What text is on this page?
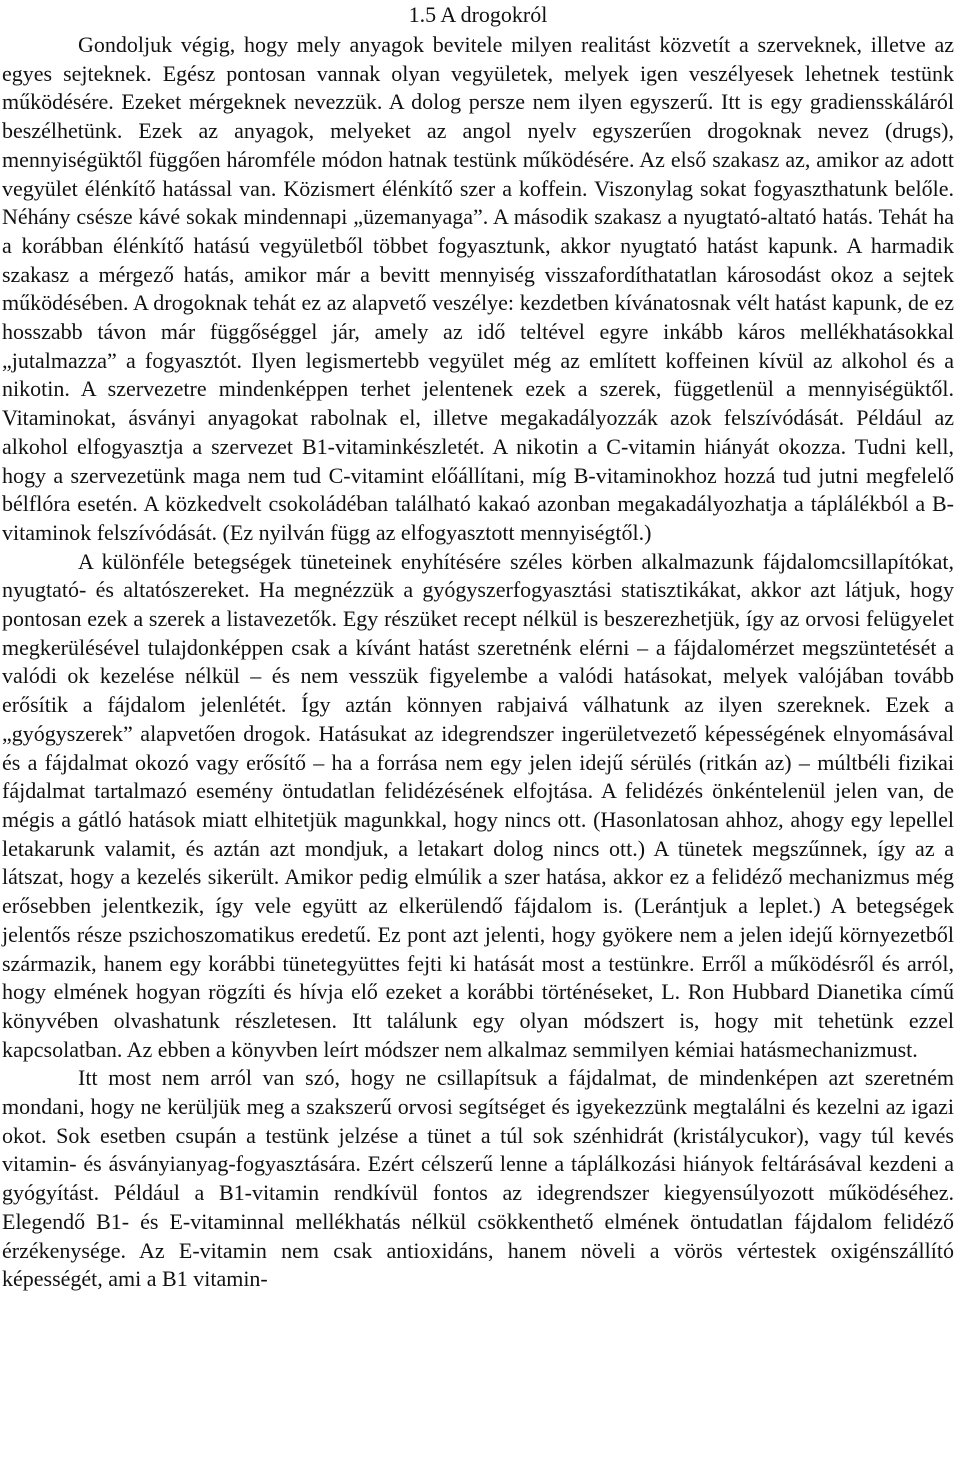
1.5 A drogokról

Gondoljuk végig, hogy mely anyagok bevitele milyen realitást közvetít a szerveknek, illetve az egyes sejteknek. Egész pontosan vannak olyan vegyületek, melyek igen veszélyesek lehetnek testünk működésére. Ezeket mérgeknek nevezzük. A dolog persze nem ilyen egyszerű. Itt is egy gradiensskáláról beszélhetünk. Ezek az anyagok, melyeket az angol nyelv egyszerűen drogoknak nevez (drugs), mennyiségüktől függően háromféle módon hatnak testünk működésére. Az első szakasz az, amikor az adott vegyület élénkítő hatással van. Közismert élénkítő szer a koffein. Viszonylag sokat fogyaszthatunk belőle. Néhány csésze kávé sokak mindennapi „üzemanyaga”. A második szakasz a nyugtató-altató hatás. Tehát ha a korábban élénkítő hatású vegyületből többet fogyasztunk, akkor nyugtató hatást kapunk. A harmadik szakasz a mérgező hatás, amikor már a bevitt mennyiség visszafordíthatatlan károsodást okoz a sejtek működésében. A drogoknak tehát ez az alapvető veszélye: kezdetben kívánatosnak vélt hatást kapunk, de ez hosszabb távon már függőséggel jár, amely az idő teltével egyre inkább káros mellékhatásokkal „jutalmazza” a fogyasztót. Ilyen legismertebb vegyület még az említett koffeinen kívül az alkohol és a nikotin. A szervezetre mindenképpen terhet jelentenek ezek a szerek, függetlenül a mennyiségüktől. Vitaminokat, ásványi anyagokat rabolnak el, illetve megakadályozzák azok felszívódását. Például az alkohol elfogyasztja a szervezet B1-vitaminkészletét. A nikotin a C-vitamin hiányát okozza. Tudni kell, hogy a szervezetünk maga nem tud C-vitamint előállítani, míg B-vitaminokhoz hozzá tud jutni megfelelő bélflóra esetén. A közkedvelt csokoládéban található kakaó azonban megakadályozhatja a táplálékból a B-vitaminok felszívódását. (Ez nyilván függ az elfogyasztott mennyiségtől.)

A különféle betegségek tüneteinek enyhítésére széles körben alkalmazunk fájdalomcsillapítókat, nyugtató- és altatószereket. Ha megnézzük a gyógyszerfogyasztási statisztikákat, akkor azt látjuk, hogy pontosan ezek a szerek a listavezetők. Egy részüket recept nélkül is beszerezhetjük, így az orvosi felügyelet megkerülésével tulajdonképpen csak a kívánt hatást szeretnénk elérni – a fájdalomérzet megszüntetését a valódi ok kezelése nélkül – és nem vesszük figyelembe a valódi hatásokat, melyek valójában tovább erősítik a fájdalom jelenlétét. Így aztán könnyen rabjaivá válhatunk az ilyen szereknek. Ezek a „gyógyszerek” alapvetően drogok. Hatásukat az idegrendszer ingerületvezető képességének elnyomásával és a fájdalmat okozó vagy erősítő – ha a forrása nem egy jelen idejű sérülés (ritkán az) – múltbéli fizikai fájdalmat tartalmazó esemény öntudatlan felidézésének elfojtása. A felidézés önkéntelenül jelen van, de mégis a gátló hatások miatt elhitetjük magunkkal, hogy nincs ott. (Hasonlatosan ahhoz, ahogy egy lepellel letakarunk valamit, és aztán azt mondjuk, a letakart dolog nincs ott.) A tünetek megszűnnek, így az a látszat, hogy a kezelés sikerült. Amikor pedig elmúlik a szer hatása, akkor ez a felidéző mechanizmus még erősebben jelentkezik, így vele együtt az elkerülendő fájdalom is. (Lerántjuk a leplet.) A betegségek jelentős része pszichoszomatikus eredetű. Ez pont azt jelenti, hogy gyökere nem a jelen idejű környezetből származik, hanem egy korábbi tünetegyüttes fejti ki hatását most a testünkre. Erről a működésről és arról, hogy elmének hogyan rögzíti és hívja elő ezeket a korábbi történéseket, L. Ron Hubbard Dianetika című könyvében olvashatunk részletesen. Itt találunk egy olyan módszert is, hogy mit tehetünk ezzel kapcsolatban. Az ebben a könyvben leírt módszer nem alkalmaz semmilyen kémiai hatásmechanizmust.

Itt most nem arról van szó, hogy ne csillapítsuk a fájdalmat, de mindenképen azt szeretném mondani, hogy ne kerüljük meg a szakszerű orvosi segítséget és igyekezzünk megtalálni és kezelni az igazi okot. Sok esetben csupán a testünk jelzése a tünet a túl sok szénhidrát (kristálycukor), vagy túl kevés vitamin- és ásványianyag-fogyasztására. Ezért célszerű lenne a táplálkozási hiányok feltárásával kezdeni a gyógyítást. Például a B1-vitamin rendkívül fontos az idegrendszer kiegyensúlyozott működéséhez. Elegendő B1- és E-vitaminnal mellékhatás nélkül csökkenthető elmének öntudatlan fájdalom felidéző érzékenysége. Az E-vitamin nem csak antioxidáns, hanem növeli a vörös vértestek oxigénszállító képességét, ami a B1 vitamin-
